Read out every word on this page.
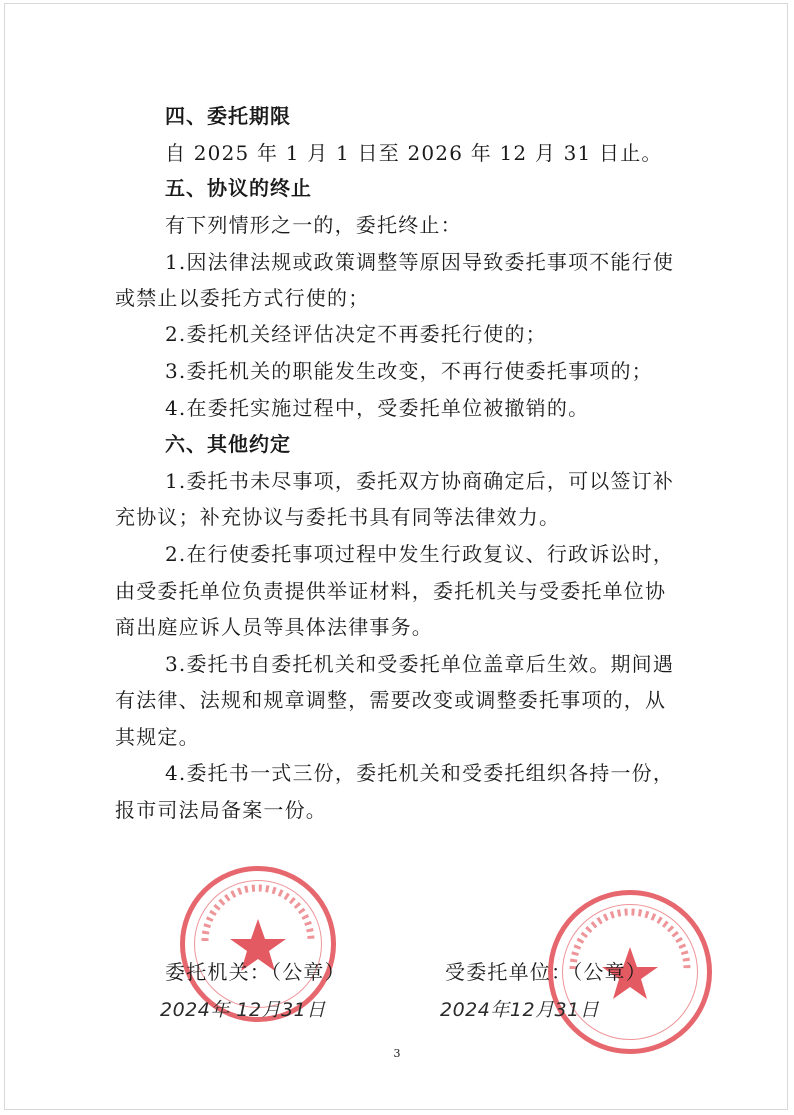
四、委托期限
自 2025 年 1 月 1 日至 2026 年 12 月 31 日止。
五、协议的终止
有下列情形之一的，委托终止：
1.因法律法规或政策调整等原因导致委托事项不能行使
或禁止以委托方式行使的；
2.委托机关经评估决定不再委托行使的；
3.委托机关的职能发生改变，不再行使委托事项的；
4.在委托实施过程中，受委托单位被撤销的。
六、其他约定
1.委托书未尽事项，委托双方协商确定后，可以签订补
充协议；补充协议与委托书具有同等法律效力。
2.在行使委托事项过程中发生行政复议、行政诉讼时，
由受委托单位负责提供举证材料，委托机关与受委托单位协
商出庭应诉人员等具体法律事务。
3.委托书自委托机关和受委托单位盖章后生效。期间遇
有法律、法规和规章调整，需要改变或调整委托事项的，从
其规定。
4.委托书一式三份，委托机关和受委托组织各持一份，
报市司法局备案一份。
委托机关：（公章）	受委托单位：（公章）
2024年 12月31日	2024年12月31日
3
